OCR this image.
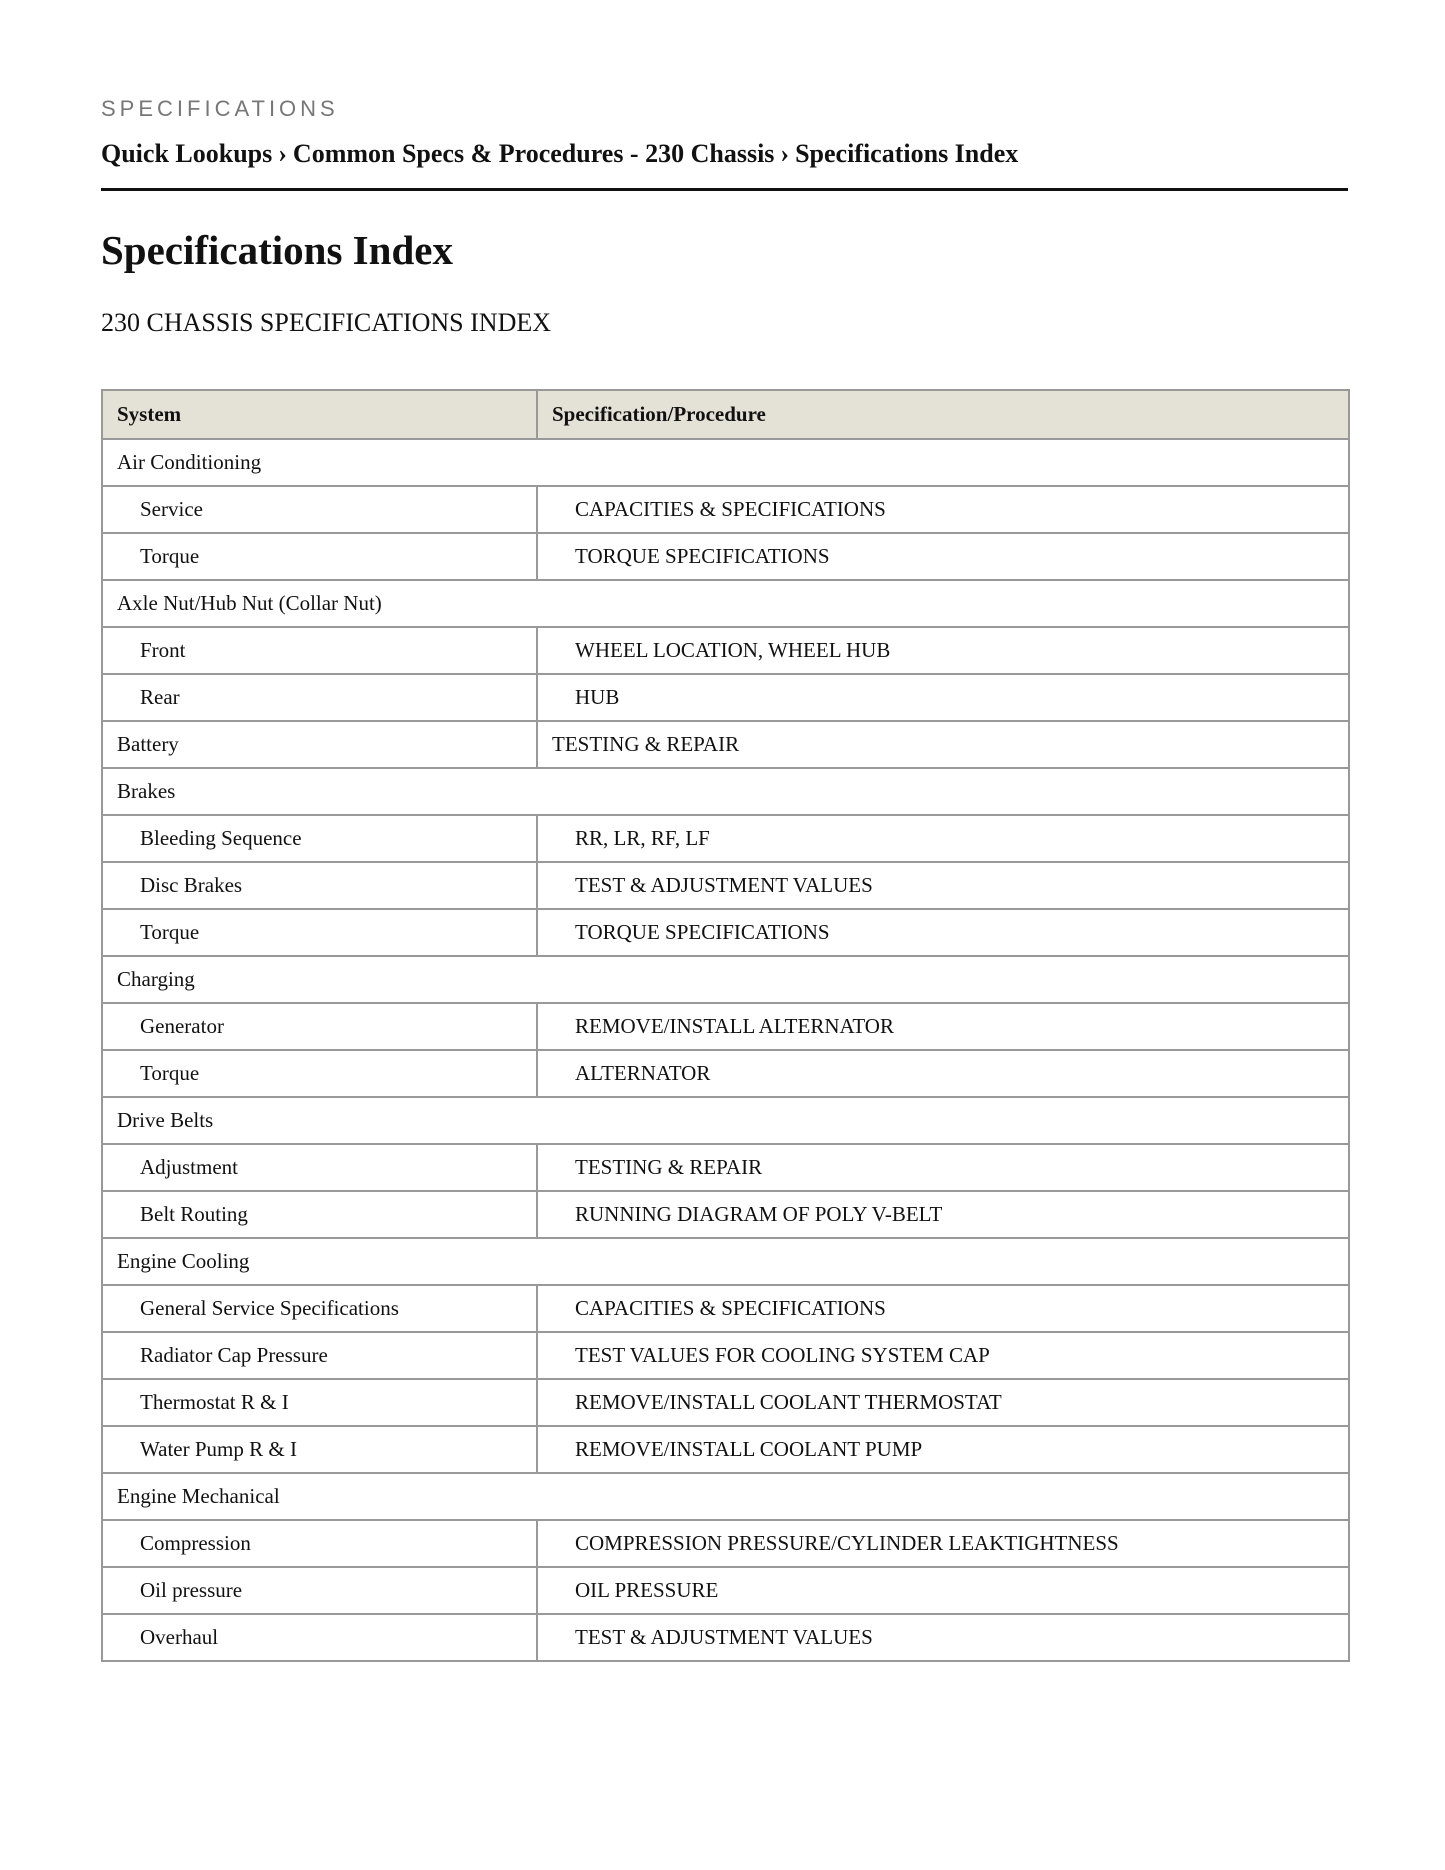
SPECIFICATIONS
Quick Lookups › Common Specs & Procedures - 230 Chassis › Specifications Index
Specifications Index
230 CHASSIS SPECIFICATIONS INDEX
System	Specification/Procedure
Air Conditioning	
Service	CAPACITIES & SPECIFICATIONS
Torque	TORQUE SPECIFICATIONS
Axle Nut/Hub Nut (Collar Nut)	
Front	WHEEL LOCATION, WHEEL HUB
Rear	HUB
Battery	TESTING & REPAIR
Brakes	
Bleeding Sequence	RR, LR, RF, LF
Disc Brakes	TEST & ADJUSTMENT VALUES
Torque	TORQUE SPECIFICATIONS
Charging	
Generator	REMOVE/INSTALL ALTERNATOR
Torque	ALTERNATOR
Drive Belts	
Adjustment	TESTING & REPAIR
Belt Routing	RUNNING DIAGRAM OF POLY V-BELT
Engine Cooling	
General Service Specifications	CAPACITIES & SPECIFICATIONS
Radiator Cap Pressure	TEST VALUES FOR COOLING SYSTEM CAP
Thermostat R & I	REMOVE/INSTALL COOLANT THERMOSTAT
Water Pump R & I	REMOVE/INSTALL COOLANT PUMP
Engine Mechanical	
Compression	COMPRESSION PRESSURE/CYLINDER LEAKTIGHTNESS
Oil pressure	OIL PRESSURE
Overhaul	TEST & ADJUSTMENT VALUES
